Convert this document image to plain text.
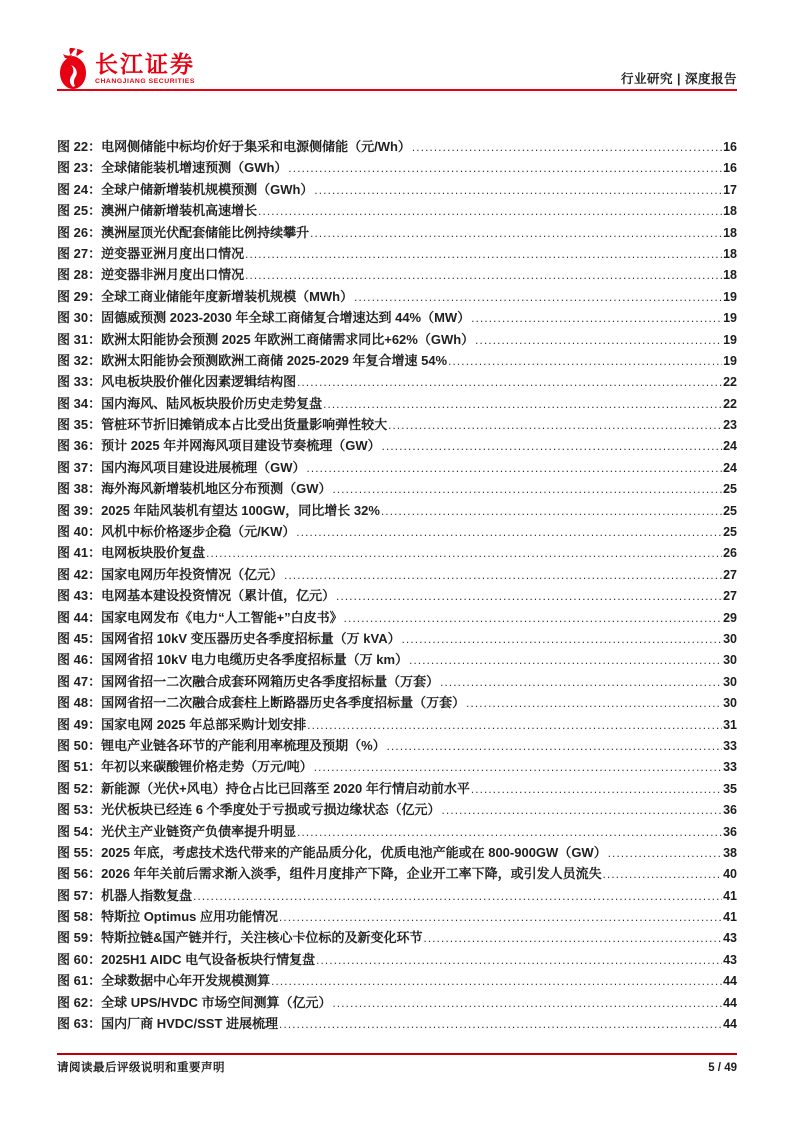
长江证券
CHANGJIANG SECURITIES	行业研究 | 深度报告
图 22： 电网侧储能中标均价好于集采和电源侧储能（元/Wh） .....	16
图 23： 全球储能装机增速预测（GWh） .....	16
图 24： 全球户储新增装机规模预测（GWh） .....	17
图 25： 澳洲户储新增装机高速增长 .....	18
图 26： 澳洲屋顶光伏配套储能比例持续攀升 .....	18
图 27： 逆变器亚洲月度出口情况 .....	18
图 28： 逆变器非洲月度出口情况 .....	18
图 29： 全球工商业储能年度新增装机规模（MWh） .....	19
图 30： 固德威预测 2023-2030 年全球工商储复合增速达到 44%（MW） .....	19
图 31： 欧洲太阳能协会预测 2025 年欧洲工商储需求同比+62%（GWh） .....	19
图 32： 欧洲太阳能协会预测欧洲工商储 2025-2029 年复合增速 54% .....	19
图 33： 风电板块股价催化因素逻辑结构图 .....	22
图 34： 国内海风、陆风板块股价历史走势复盘 .....	22
图 35： 管桩环节折旧摊销成本占比受出货量影响弹性较大 .....	23
图 36： 预计 2025 年并网海风项目建设节奏梳理（GW） .....	24
图 37： 国内海风项目建设进展梳理（GW） .....	24
图 38： 海外海风新增装机地区分布预测（GW） .....	25
图 39： 2025 年陆风装机有望达 100GW，同比增长 32% .....	25
图 40： 风机中标价格逐步企稳（元/KW） .....	25
图 41： 电网板块股价复盘 .....	26
图 42： 国家电网历年投资情况（亿元） .....	27
图 43： 电网基本建设投资情况（累计值，亿元） .....	27
图 44： 国家电网发布《电力“人工智能+”白皮书》 .....	29
图 45： 国网省招 10kV 变压器历史各季度招标量（万 kVA） .....	30
图 46： 国网省招 10kV 电力电缆历史各季度招标量（万 km） .....	30
图 47： 国网省招一二次融合成套环网箱历史各季度招标量（万套） .....	30
图 48： 国网省招一二次融合成套柱上断路器历史各季度招标量（万套） .....	30
图 49： 国家电网 2025 年总部采购计划安排 .....	31
图 50： 锂电产业链各环节的产能利用率梳理及预期（%） .....	33
图 51： 年初以来碳酸锂价格走势（万元/吨） .....	33
图 52： 新能源（光伏+风电）持仓占比已回落至 2020 年行情启动前水平 .....	35
图 53： 光伏板块已经连 6 个季度处于亏损或亏损边缘状态（亿元） .....	36
图 54： 光伏主产业链资产负债率提升明显 .....	36
图 55： 2025 年底，考虑技术迭代带来的产能品质分化，优质电池产能或在 800-900GW（GW） .....	38
图 56： 2026 年年关前后需求渐入淡季，组件月度排产下降，企业开工率下降，或引发人员流失 .....	40
图 57： 机器人指数复盘 .....	41
图 58： 特斯拉 Optimus 应用功能情况 .....	41
图 59： 特斯拉链&国产链并行，关注核心卡位标的及新变化环节 .....	43
图 60： 2025H1 AIDC 电气设备板块行情复盘 .....	43
图 61： 全球数据中心年开发规模测算 .....	44
图 62： 全球 UPS/HVDC 市场空间测算（亿元） .....	44
图 63： 国内厂商 HVDC/SST 进展梳理 .....	44
请阅读最后评级说明和重要声明	5 / 49
